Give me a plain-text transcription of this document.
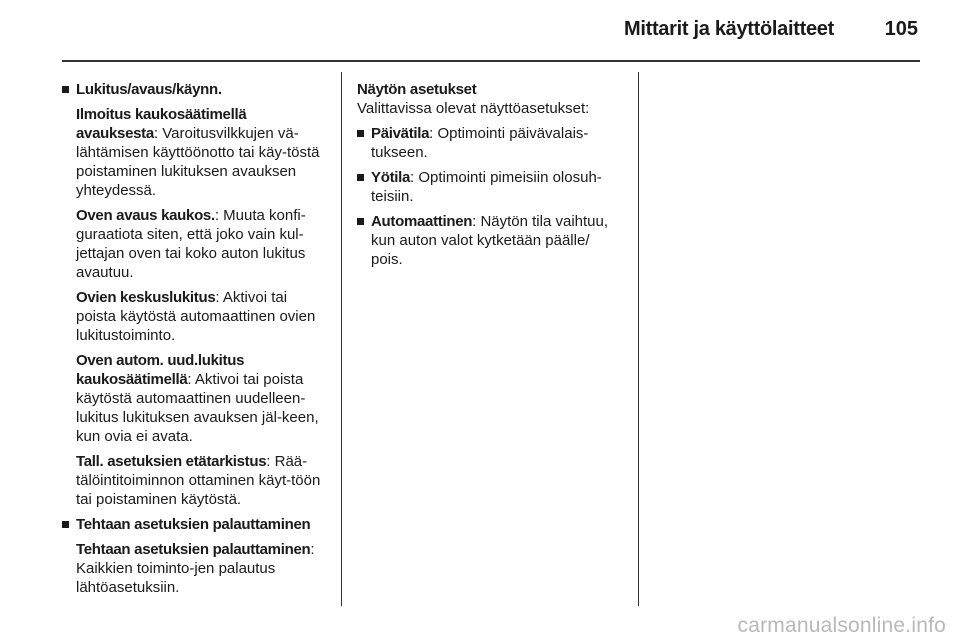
Mittarit ja käyttölaitteet	105
Lukitus/avaus/käynn.
Ilmoitus kaukosäätimellä avauksesta: Varoitusvilkkujen vä-lähtämisen käyttöönotto tai käy-töstä poistaminen lukituksen avauksen yhteydessä.
Oven avaus kaukos.: Muuta konfi-guraatiota siten, että joko vain kul-jettajan oven tai koko auton lukitus avautuu.
Ovien keskuslukitus: Aktivoi tai poista käytöstä automaattinen ovien lukitustoiminto.
Oven autom. uud.lukitus kaukosäätimellä: Aktivoi tai poista käytöstä automaattinen uudelleen-lukitus lukituksen avauksen jäl-keen, kun ovia ei avata.
Tall. asetuksien etätarkistus: Rää-tälöintitoiminnon ottaminen käyt-töön tai poistaminen käytöstä.
Tehtaan asetuksien palauttaminen
Tehtaan asetuksien palauttaminen: Kaikkien toiminto-jen palautus lähtöasetuksiin.
Näytön asetukset
Valittavissa olevat näyttöasetukset:
Päivätila: Optimointi päivävalais-tukseen.
Yötila: Optimointi pimeisiin olosuh-teisiin.
Automaattinen: Näytön tila vaihtuu, kun auton valot kytketään päälle/ pois.
carmanualsonline.info
